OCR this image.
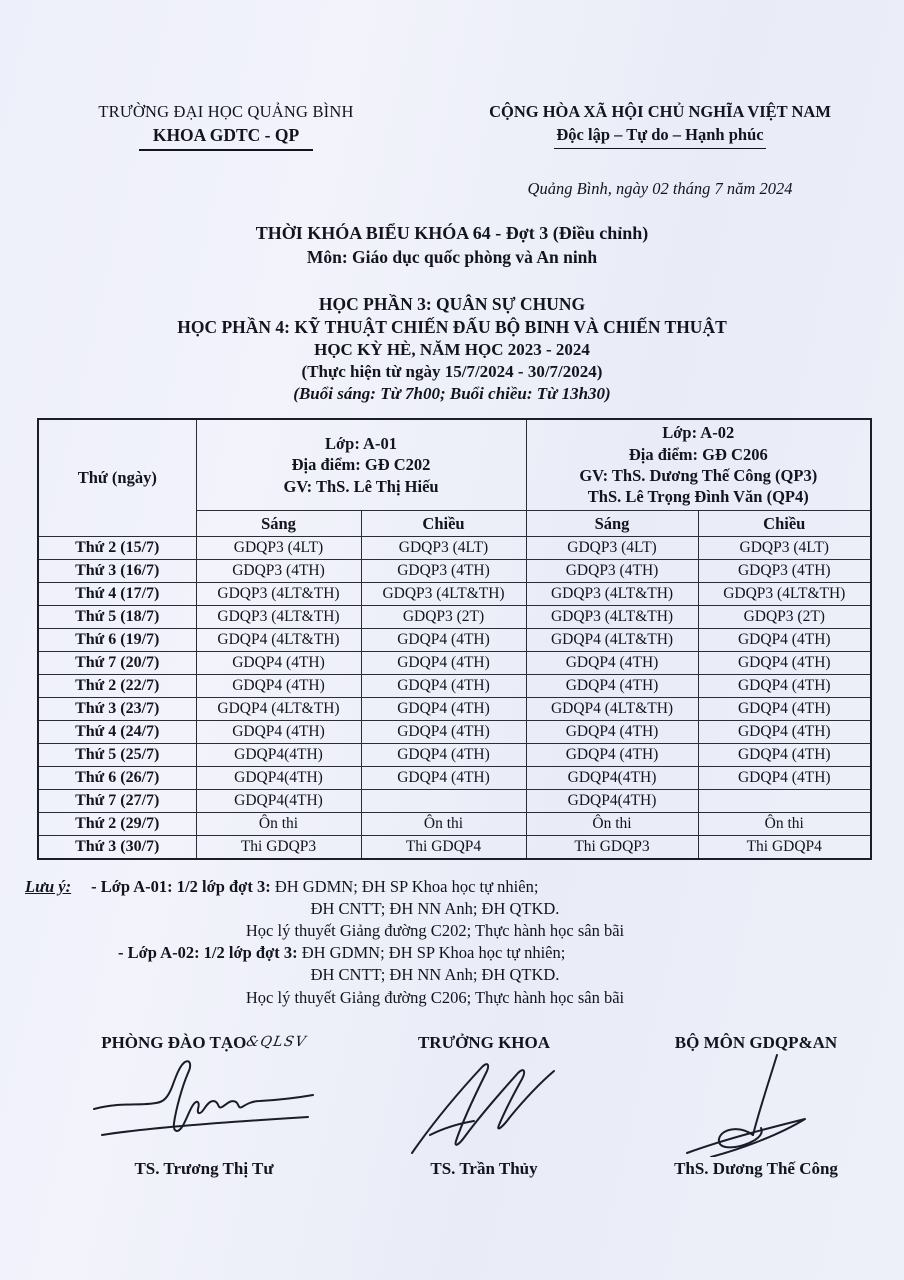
TRƯỜNG ĐẠI HỌC QUẢNG BÌNH
KHOA GDTC - QP
CỘNG HÒA XÃ HỘI CHỦ NGHĨA VIỆT NAM
Độc lập – Tự do – Hạnh phúc
Quảng Bình, ngày 02 tháng 7 năm 2024
THỜI KHÓA BIỂU KHÓA 64 - Đợt 3 (Điều chỉnh)
Môn: Giáo dục quốc phòng và An ninh
HỌC PHẦN 3: QUÂN SỰ CHUNG
HỌC PHẦN 4: KỸ THUẬT CHIẾN ĐẤU BỘ BINH VÀ CHIẾN THUẬT
HỌC KỲ HÈ, NĂM HỌC 2023 - 2024
(Thực hiện từ ngày 15/7/2024 - 30/7/2024)
(Buổi sáng: Từ 7h00; Buổi chiều: Từ 13h30)
Thứ (ngày)	
Lớp: A-01
Địa điểm: GĐ C202
GV: ThS. Lê Thị Hiếu

Lớp: A-02
Địa điểm: GĐ C206
GV: ThS. Dương Thế Công (QP3)
ThS. Lê Trọng Đình Văn (QP4)

	Sáng	Chiều	Sáng	Chiều
Thứ 2 (15/7)	GDQP3 (4LT)	GDQP3 (4LT)	GDQP3 (4LT)	GDQP3 (4LT)
Thứ 3 (16/7)	GDQP3 (4TH)	GDQP3 (4TH)	GDQP3 (4TH)	GDQP3 (4TH)
Thứ 4 (17/7)	GDQP3 (4LT&TH)	GDQP3 (4LT&TH)	GDQP3 (4LT&TH)	GDQP3 (4LT&TH)
Thứ 5 (18/7)	GDQP3 (4LT&TH)	GDQP3 (2T)	GDQP3 (4LT&TH)	GDQP3 (2T)
Thứ 6 (19/7)	GDQP4 (4LT&TH)	GDQP4 (4TH)	GDQP4 (4LT&TH)	GDQP4 (4TH)
Thứ 7 (20/7)	GDQP4 (4TH)	GDQP4 (4TH)	GDQP4 (4TH)	GDQP4 (4TH)
Thứ 2 (22/7)	GDQP4 (4TH)	GDQP4 (4TH)	GDQP4 (4TH)	GDQP4 (4TH)
Thứ 3 (23/7)	GDQP4 (4LT&TH)	GDQP4 (4TH)	GDQP4 (4LT&TH)	GDQP4 (4TH)
Thứ 4 (24/7)	GDQP4 (4TH)	GDQP4 (4TH)	GDQP4 (4TH)	GDQP4 (4TH)
Thứ 5 (25/7)	GDQP4(4TH)	GDQP4 (4TH)	GDQP4 (4TH)	GDQP4 (4TH)
Thứ 6 (26/7)	GDQP4(4TH)	GDQP4 (4TH)	GDQP4(4TH)	GDQP4 (4TH)
Thứ 7 (27/7)	GDQP4(4TH)		GDQP4(4TH)	
Thứ 2 (29/7)	Ôn thi	Ôn thi	Ôn thi	Ôn thi
Thứ 3 (30/7)	Thi GDQP3	Thi GDQP4	Thi GDQP3	Thi GDQP4
Lưu ý: - Lớp A-01: 1/2 lớp đợt 3: ĐH GDMN; ĐH SP Khoa học tự nhiên;
ĐH CNTT; ĐH NN Anh; ĐH QTKD.
Học lý thuyết Giảng đường C202; Thực hành học sân bãi
- Lớp A-02: 1/2 lớp đợt 3: ĐH GDMN; ĐH SP Khoa học tự nhiên;
ĐH CNTT; ĐH NN Anh; ĐH QTKD.
Học lý thuyết Giảng đường C206; Thực hành học sân bãi
PHÒNG ĐÀO TẠO&QLSV
TS. Trương Thị Tư
TRƯỞNG KHOA
TS. Trần Thủy
BỘ MÔN GDQP&AN
ThS. Dương Thế Công
